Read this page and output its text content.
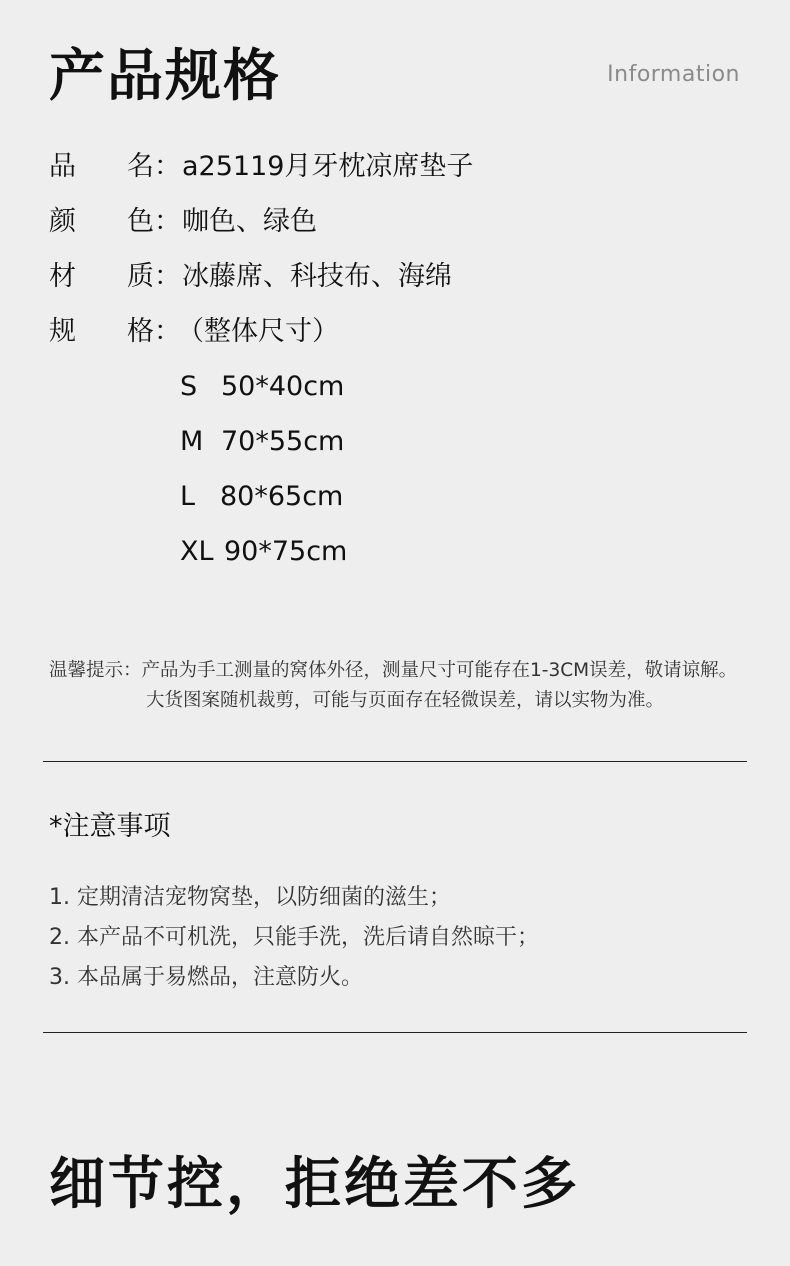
产品规格	Information
品 名： a25119月牙枕凉席垫子
颜 色： 咖色、绿色
材 质： 冰藤席、科技布、海绵
规 格：
（整体尺寸）
S 50*40cm
M 70*55cm
L 80*65cm
XL 90*75cm
温馨提示：产品为手工测量的窝体外径，测量尺寸可能存在1-3CM误差，敬请谅解。
大货图案随机裁剪，可能与页面存在轻微误差，请以实物为准。
*注意事项
1. 定期清洁宠物窝垫，以防细菌的滋生；
2. 本产品不可机洗，只能手洗，洗后请自然晾干；
3. 本品属于易燃品，注意防火。
细节控，拒绝差不多
